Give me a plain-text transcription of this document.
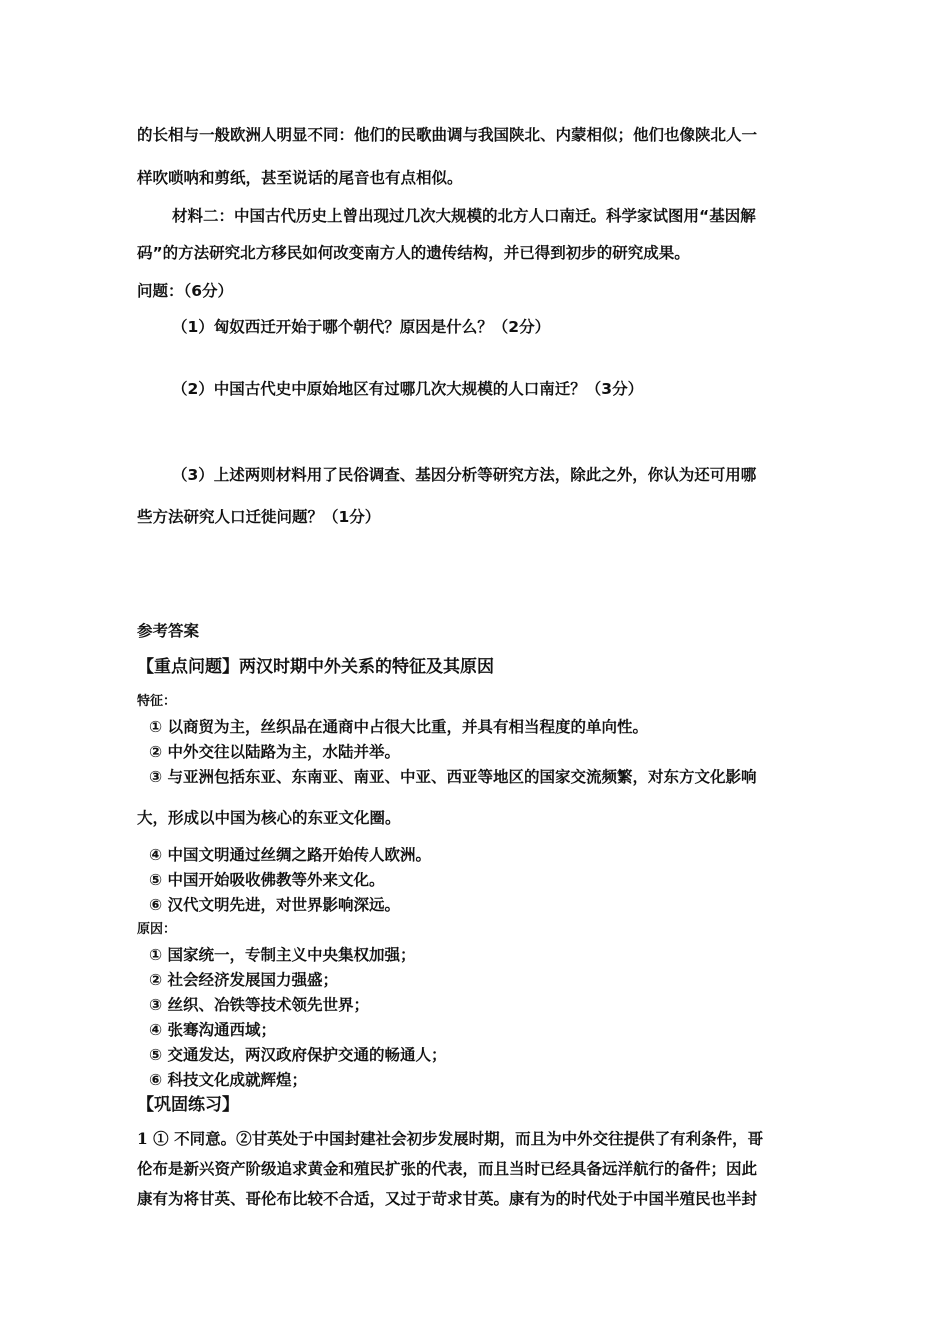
的长相与一般欧洲人明显不同：他们的民歌曲调与我国陕北、内蒙相似；他们也像陕北人一
样吹唢呐和剪纸，甚至说话的尾音也有点相似。
材料二：中国古代历史上曾出现过几次大规模的北方人口南迁。科学家试图用“基因解
码”的方法研究北方移民如何改变南方人的遗传结构，并已得到初步的研究成果。
问题：（6分）
（1）匈奴西迁开始于哪个朝代？原因是什么？（2分）
（2）中国古代史中原始地区有过哪几次大规模的人口南迁？（3分）
（3）上述两则材料用了民俗调查、基因分析等研究方法，除此之外，你认为还可用哪
些方法研究人口迁徙问题？（1分）
参考答案
【重点问题】两汉时期中外关系的特征及其原因
特征：
① 以商贸为主，丝织品在通商中占很大比重，并具有相当程度的单向性。
② 中外交往以陆路为主，水陆并举。
③ 与亚洲包括东亚、东南亚、南亚、中亚、西亚等地区的国家交流频繁，对东方文化影响
大，形成以中国为核心的东亚文化圈。
④ 中国文明通过丝绸之路开始传人欧洲。
⑤ 中国开始吸收佛教等外来文化。
⑥ 汉代文明先进，对世界影响深远。
原因：
① 国家统一，专制主义中央集权加强；
② 社会经济发展国力强盛；
③ 丝织、冶铁等技术领先世界；
④ 张骞沟通西域；
⑤ 交通发达，两汉政府保护交通的畅通人；
⑥ 科技文化成就辉煌；
【巩固练习】
1 ① 不同意。②甘英处于中国封建社会初步发展时期，而且为中外交往提供了有利条件，哥
伦布是新兴资产阶级追求黄金和殖民扩张的代表，而且当时已经具备远洋航行的备件；因此
康有为将甘英、哥伦布比较不合适，又过于苛求甘英。康有为的时代处于中国半殖民也半封
